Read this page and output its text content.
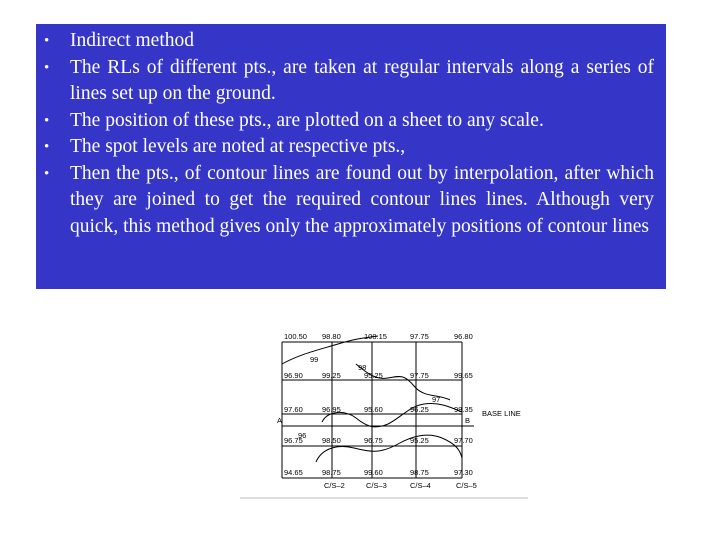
•	Indirect method
•	The RLs of different pts., are taken at regular intervals along a series of lines set up on the ground.
•	The position of these pts., are plotted on a sheet to any scale.
•	The spot levels are noted at respective pts.,
•	Then the pts., of contour lines are found out by interpolation, after which they are joined to get the required contour lines lines. Although very quick, this method gives only the approximately positions of contour lines
100.50 98.80	100.15	97.75	96.80
96.90	99.25	95.25	97.75	99.65
97.60	96.95	95.60	96.25	98.35
96.75	98.50	96.75	95.25	97.70
94.65	98.75	99.60	98.75	97.30
99
98
97
96
A	B
BASE LINE
C/S–2	C/S–3	C/S–4	C/S–5
